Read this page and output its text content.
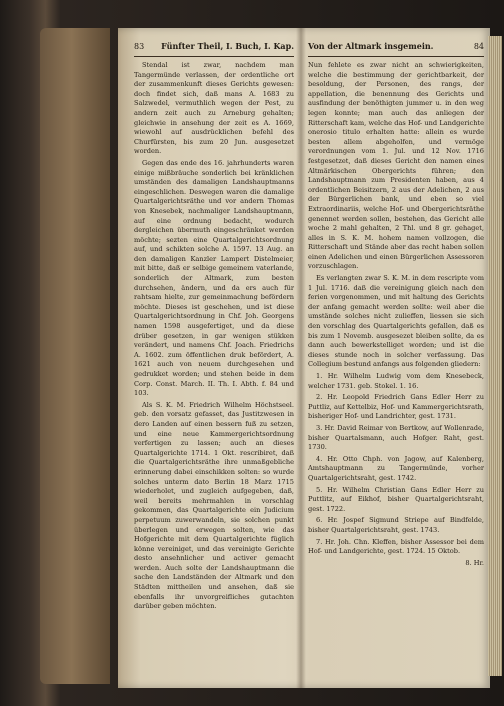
83 Fünfter Theil, I. Buch, I. Kap.

Stendal ist zwar, nachdem man Tangermünde verlassen, der ordentliche ort der zusammenkunft dieses Gerichts gewesen: doch findet sich, daß mans A. 1683 zu Salzwedel, vermuthlich wegen der Pest, zu andern zeit auch zu Arneburg gehalten; gleichwie in ansehung der zeit es A. 1669, wiewohl auf ausdrücklichen befehl des Churfürsten, bis zum 20 Jun. ausgesetzet worden.

Gegen das ende des 16. jahrhunderts waren einige mißbräuche sonderlich bei kränklichen umständen des damaligen Landshauptmanns eingeschlichen. Deswegen waren die damalige Quartalgerichtsräthe und vor andern Thomas von Knesebek, nachmaliger Landshauptmann, auf eine ordnung bedacht, wodurch dergleichen übermuth eingeschränket werden möchte; sezten eine Quartalgerichtsordnung auf, und schikten solche A. 1597. 13 Aug. an den damaligen Kanzler Lampert Distelmeier, mit bitte, daß er selbige gemeinem vaterlande, sonderlich der Altmark, zum besten durchsehen, ändern, und da ers auch für rahtsam hielte, zur gemeinmachung befördern möchte. Dieses ist geschehen, und ist diese Quartalgerichtsordnung in Chf. Joh. Georgens namen 1598 ausgefertiget, und da diese drüber gesetzen, in gar wenigen stükken verändert, und namens Chf. Joach. Friedrichs A. 1602. zum öffentlichen druk befördert, A. 1621 auch von neuem durchgesehen und gedrukket worden; und stehen beide in dem Corp. Const. March. II. Th. I. Abth. f. 84 und 103.

Als S. K. M. Friedrich Wilhelm Höchstseel. geb. den vorsatz gefasset, das Justitzwesen in dero Landen auf einen bessern fuß zu setzen, und eine neue Kammergerichtsordnung verfertigen zu lassen; auch an dieses Quartalgerichte 1714. 1 Okt. rescribiret, daß die Quartalgerichtsräthe ihre unmaßgebliche erinnerung dabei einschikken solten: so wurde solches unterm dato Berlin 18 Marz 1715 wiederholet, und zugleich aufgegeben, daß, weil bereits mehrmahlen in vorschlag gekommen, das Quartalgerichte ein Judicium perpetuum zuwerwandeln, sie solchen punkt überlegen und erwegen solten, wie das Hofgerichte mit dem Quartalgerichte füglich könne vereiniget, und das vereinigte Gerichte desto ansehnlicher und activer gemacht werden. Auch solte der Landshauptmann die sache den Landständen der Altmark und den Städten mittheilen und ansehen, daß sie ebenfalls ihr unvorgreifliches gutachten darüber geben möchten.

Von der Altmark insgemein.	84

Nun fehlete es zwar nicht an schwierigkeiten, welche die bestimmung der gerichtbarkeit, der besoldung, der Personen, des rangs, der appellation, die benennung des Gerichts und ausfindung der benöthigten jummer u. in den weg legen konnte; man auch das anliegen der Ritterschaft kam, welche das Hof- und Landgerichte onerosio titulo erhalten hatte: allein es wurde besten allem abgeholfen, und vermöge verordnungen vom 1. Jul. und 12 Nov. 1716 festgesetzet, daß dieses Gericht den namen eines Altmärkischen Obergerichts führen; den Landshauptmann zum Presidenten haben, aus 4 ordentlichen Beisitzern, 2 aus der Adelichen, 2 aus der Bürgerlichen bank, und eben so viel Extraordinariis, welche Hof- und Obergerichtsräthe genennet werden sollen, bestehen, das Gericht alle woche 2 mahl gehalten, 2 Thl. und 8 gr. gehaget, alles in S. K. M. hohem namen vollzogen, die Ritterschaft und Stände aber das recht haben sollen einen Adelichen und einen Bürgerlichen Assessoren vorzuschlagen.

Es verlangten zwar S. K. M. in dem rescripte vom 1 Jul. 1716. daß die vereinigung gleich nach den ferien vorgenommen, und mit haltung des Gerichts der anfang gemacht werden sollte: weil aber die umstände solches nicht zulieffen, liessen sie sich den vorschlag des Quartalgerichts gefallen, daß es bis zum 1 Novemb. ausgesezet bleiben sollte, da es dann auch bewerkstelliget worden; und ist die dieses stunde noch in solcher verfassung. Das Collegium bestund anfangs aus folgenden gliedern:

1. Hr. Wilhelm Ludwig vom dem Knesebeck, welcher 1731. geb. Stokel. 1. 16.

2. Hr. Leopold Friedrich Gans Edler Herr zu Puttliz, auf Kettelbiz, Hof- und Kammergerichtsrath, bisheriger Hof- und Landrichter, gest. 1731.

3. Hr. David Reimar von Bertkow, auf Wollenrade, bisher Quartalsmann, auch Hofger. Raht, gest. 1730.

4. Hr. Otto Chph. von Jagow, auf Kalenberg, Amtshauptmann zu Tangermünde, vorher Quartalgerichtsraht, gest. 1742.

5. Hr. Wilhelm Christian Gans Edler Herr zu Puttlitz, auf Eikhof, bisher Quartalgerichtsraht, gest. 1722.

6. Hr. Jospef Sigmund Striepe auf Bindfelde, bisher Quartalgerichtsraht, gest. 1743.

7. Hr. Joh. Chn. Kleffen, bisher Assessor bei dem Hof- und Landgerichte, gest. 1724. 15 Oktob.

8. Hr.
